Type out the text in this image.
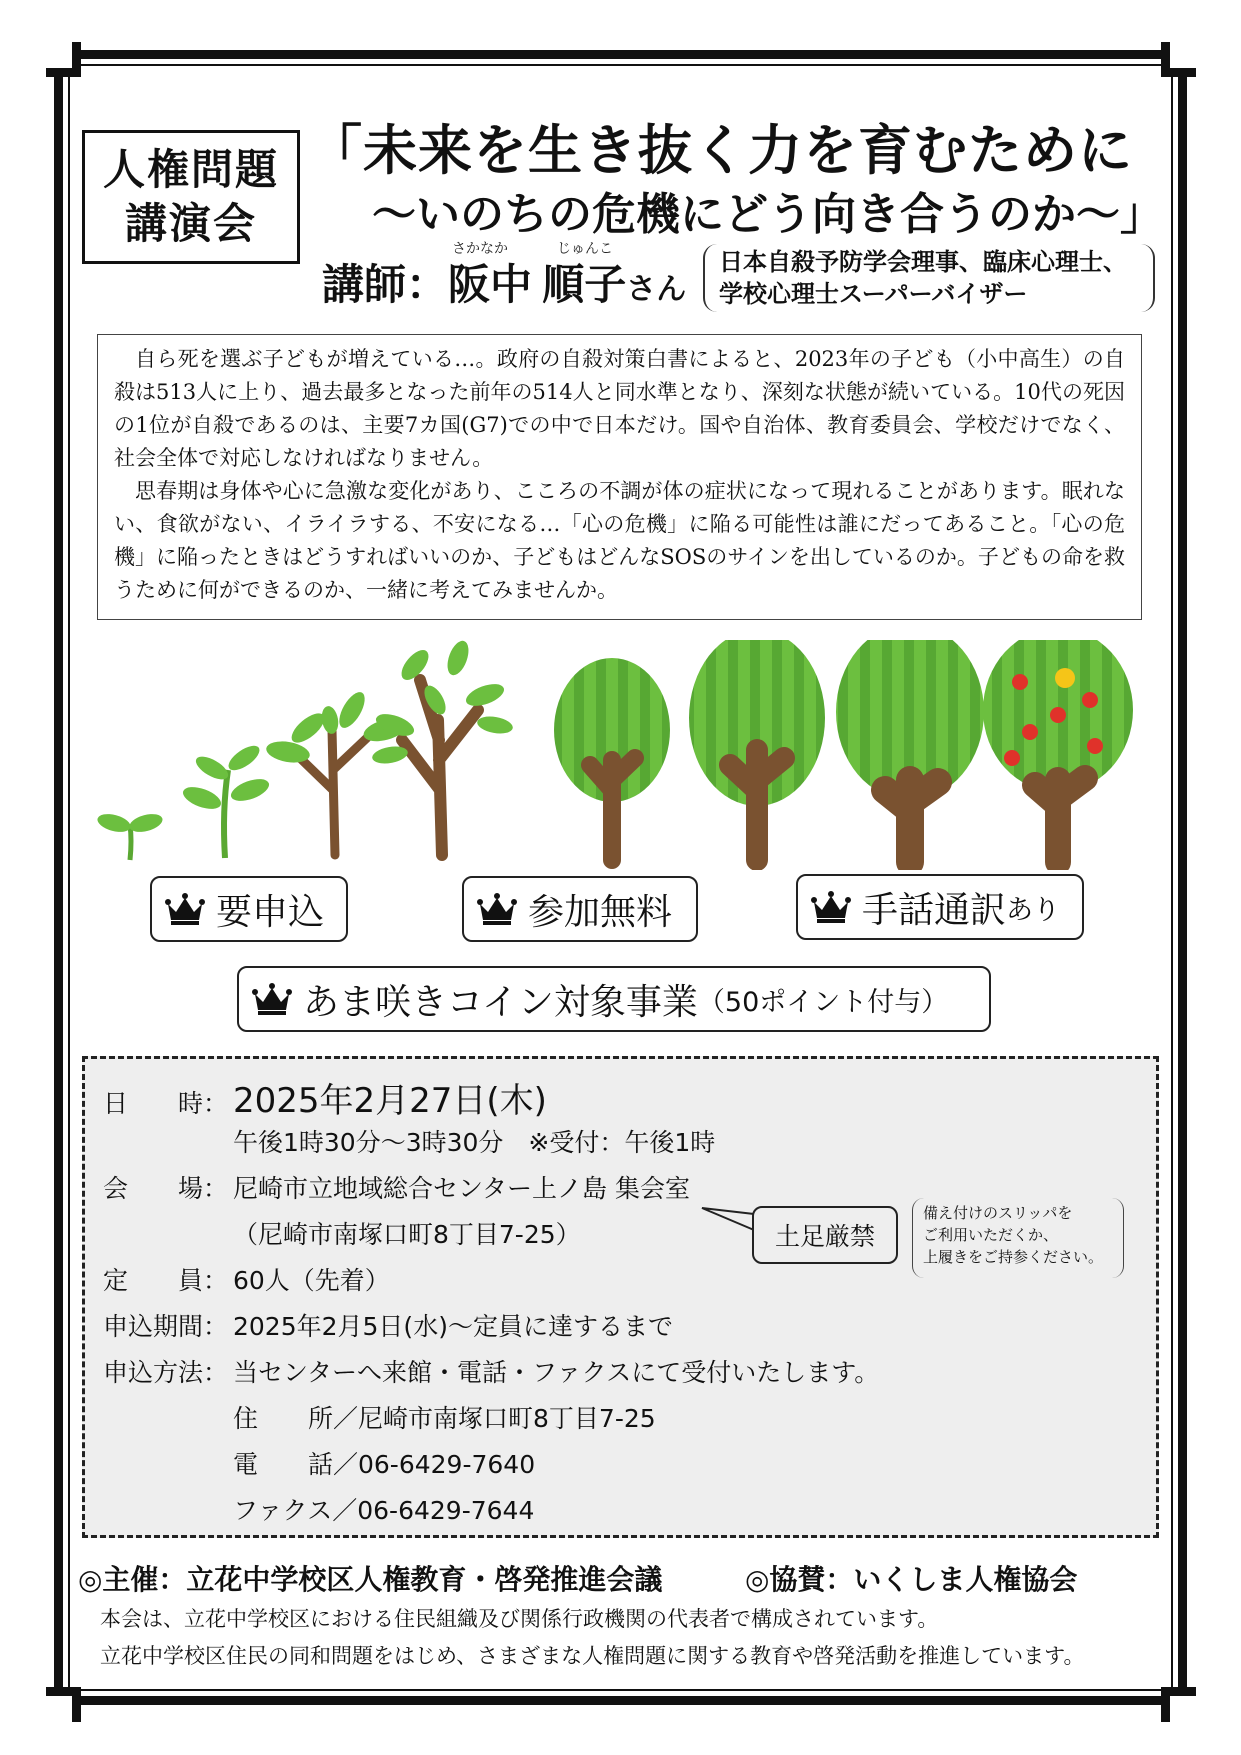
人権問題
講演会
「未来を生き抜く力を育むために
～いのちの危機にどう向き合うのか～」
さかなか	じゅんこ
講師：阪中 順子さん
日本自殺予防学会理事、臨床心理士、
学校心理士スーパーバイザー

自ら死を選ぶ子どもが増えている…。政府の自殺対策白書によると、2023年の子ども（小中高生）の自殺は513人に上り、過去最多となった前年の514人と同水準となり、深刻な状態が続いている。10代の死因の1位が自殺であるのは、主要7カ国(G7)での中で日本だけ。国や自治体、教育委員会、学校だけでなく、社会全体で対応しなければなりません。

思春期は身体や心に急激な変化があり、こころの不調が体の症状になって現れることがあります。眠れない、食欲がない、イライラする、不安になる…「心の危機」に陥る可能性は誰にだってあること。「心の危機」に陥ったときはどうすればいいのか、子どもはどんなSOSのサインを出しているのか。子どもの命を救うために何ができるのか、一緒に考えてみませんか。

要申込	参加無料	手話通訳 あり
あま咲きコイン対象事業 （50ポイント付与）
日　　時： 2025年2月27日(木)
午後1時30分～3時30分　※受付：午後1時
会　　場： 尼崎市立地域総合センター上ノ島 集会室
（尼崎市南塚口町8丁目7-25）
定　　員： 60人（先着）
申込期間： 2025年2月5日(水)～定員に達するまで
申込方法： 当センターへ来館・電話・ファクスにて受付いたします。
住　　所／尼崎市南塚口町8丁目7-25
電　　話／06-6429-7640
ファクス／06-6429-7644
土足厳禁
備え付けのスリッパを
ご利用いただくか、
上履きをご持参ください。
◎主催：立花中学校区人権教育・啓発推進会議	◎協賛：いくしま人権協会
本会は、立花中学校区における住民組織及び関係行政機関の代表者で構成されています。
立花中学校区住民の同和問題をはじめ、さまざまな人権問題に関する教育や啓発活動を推進しています。
